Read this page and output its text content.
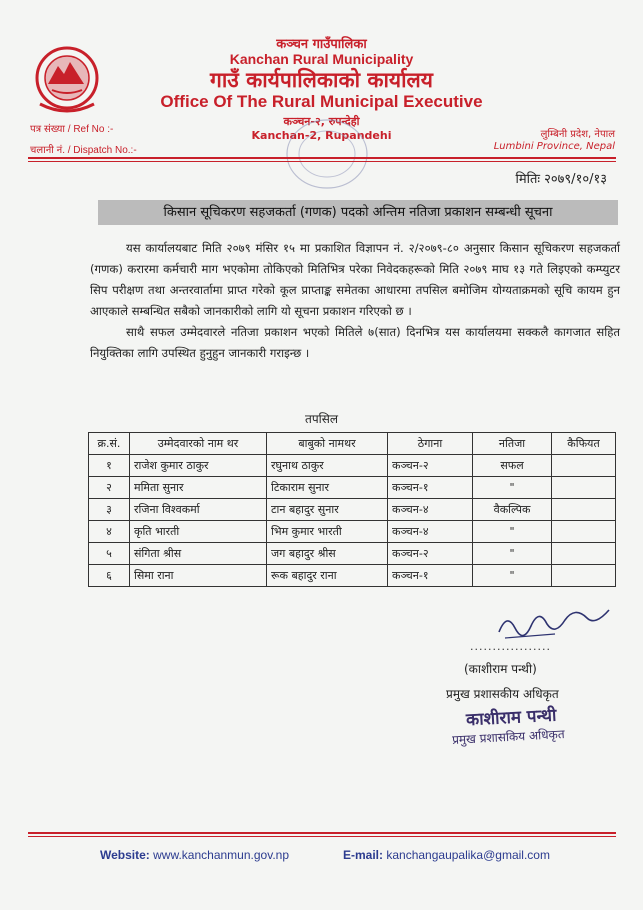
कञ्चन गाउँपालिका
Kanchan Rural Municipality
गाउँ कार्यपालिकाको कार्यालय
Office Of The Rural Municipal Executive
पत्र संख्या / Ref No :-
चलानी नं. / Dispatch No.:-
कञ्चन-२, रुपन्देही
Kanchan-2, Rupandehi	लुम्बिनी प्रदेश, नेपाल
Lumbini Province, Nepal
मितिः २०७९/१०/१३
किसान सूचिकरण सहजकर्ता (गणक) पदको अन्तिम नतिजा प्रकाशन सम्बन्धी सूचना

यस कार्यालयबाट मिति २०७९ मंसिर १५ मा प्रकाशित विज्ञापन नं. २/२०७९-८० अनुसार किसान सूचिकरण सहजकर्ता (गणक) करारमा कर्मचारी माग भएकोमा तोकिएको मितिभित्र परेका निवेदकहरूको मिति २०७९ माघ १३ गते लिइएको कम्प्युटर सिप परीक्षण तथा अन्तरवार्तामा प्राप्त गरेको कूल प्राप्ताङ्क समेतका आधारमा तपसिल बमोजिम योग्यताक्रमको सूचि कायम हुन आएकाले सम्बन्धित सबैको जानकारीको लागि यो सूचना प्रकाशन गरिएको छ ।

साथै सफल उम्मेदवारले नतिजा प्रकाशन भएको मितिले ७(सात) दिनभित्र यस कार्यालयमा सक्कलै कागजात सहित नियुक्तिका लागि उपस्थित हुनुहुन जानकारी गराइन्छ ।

तपसिल
क्र.सं.	उम्मेदवारको नाम थर	बाबुको नामथर	ठेगाना	नतिजा	कैफियत
१	राजेश कुमार ठाकुर	रघुनाथ ठाकुर	कञ्चन-२	सफल	
२	ममिता सुनार	टिकाराम सुनार	कञ्चन-१	"	
३	रजिना विश्वकर्मा	टान बहादुर सुनार	कञ्चन-४	वैकल्पिक	
४	कृति भारती	भिम कुमार भारती	कञ्चन-४	"	
५	संगिता श्रीस	जग बहादुर श्रीस	कञ्चन-२	"	
६	सिमा राना	रूक बहादुर राना	कञ्चन-१	"	
..................
(काशीराम पन्थी)
प्रमुख प्रशासकीय अधिकृत
काशीराम पन्थी
प्रमुख प्रशासकिय अधिकृत
Website: www.kanchanmun.gov.np	E-mail: kanchangaupalika@gmail.com
